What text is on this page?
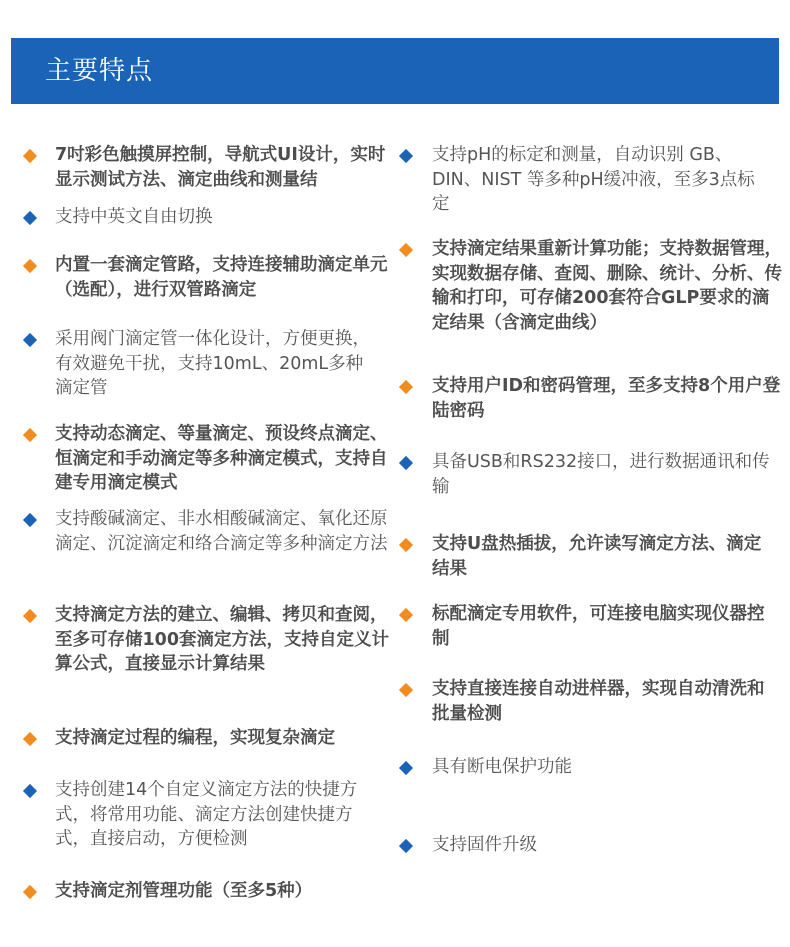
主要特点
7吋彩色触摸屏控制，导航式UI设计，实时显示测试方法、滴定曲线和测量结
支持中英文自由切换
内置一套滴定管路，支持连接辅助滴定单元（选配），进行双管路滴定
采用阀门滴定管一体化设计，方便更换，有效避免干扰，支持10mL、20mL多种滴定管
支持动态滴定、等量滴定、预设终点滴定、恒滴定和手动滴定等多种滴定模式，支持自建专用滴定模式
支持酸碱滴定、非水相酸碱滴定、氧化还原滴定、沉淀滴定和络合滴定等多种滴定方法
支持滴定方法的建立、编辑、拷贝和查阅，至多可存储100套滴定方法，支持自定义计算公式，直接显示计算结果
支持滴定过程的编程，实现复杂滴定
支持创建14个自定义滴定方法的快捷方式，将常用功能、滴定方法创建快捷方式，直接启动，方便检测
支持滴定剂管理功能（至多5种）
支持pH的标定和测量，自动识别 GB、DIN、NIST 等多种pH缓冲液，至多3点标定
支持滴定结果重新计算功能；支持数据管理，实现数据存储、查阅、删除、统计、分析、传输和打印，可存储200套符合GLP要求的滴定结果（含滴定曲线）
支持用户ID和密码管理，至多支持8个用户登陆密码
具备USB和RS232接口，进行数据通讯和传输
支持U盘热插拔，允许读写滴定方法、滴定结果
标配滴定专用软件，可连接电脑实现仪器控制
支持直接连接自动进样器，实现自动清洗和批量检测
具有断电保护功能
支持固件升级
